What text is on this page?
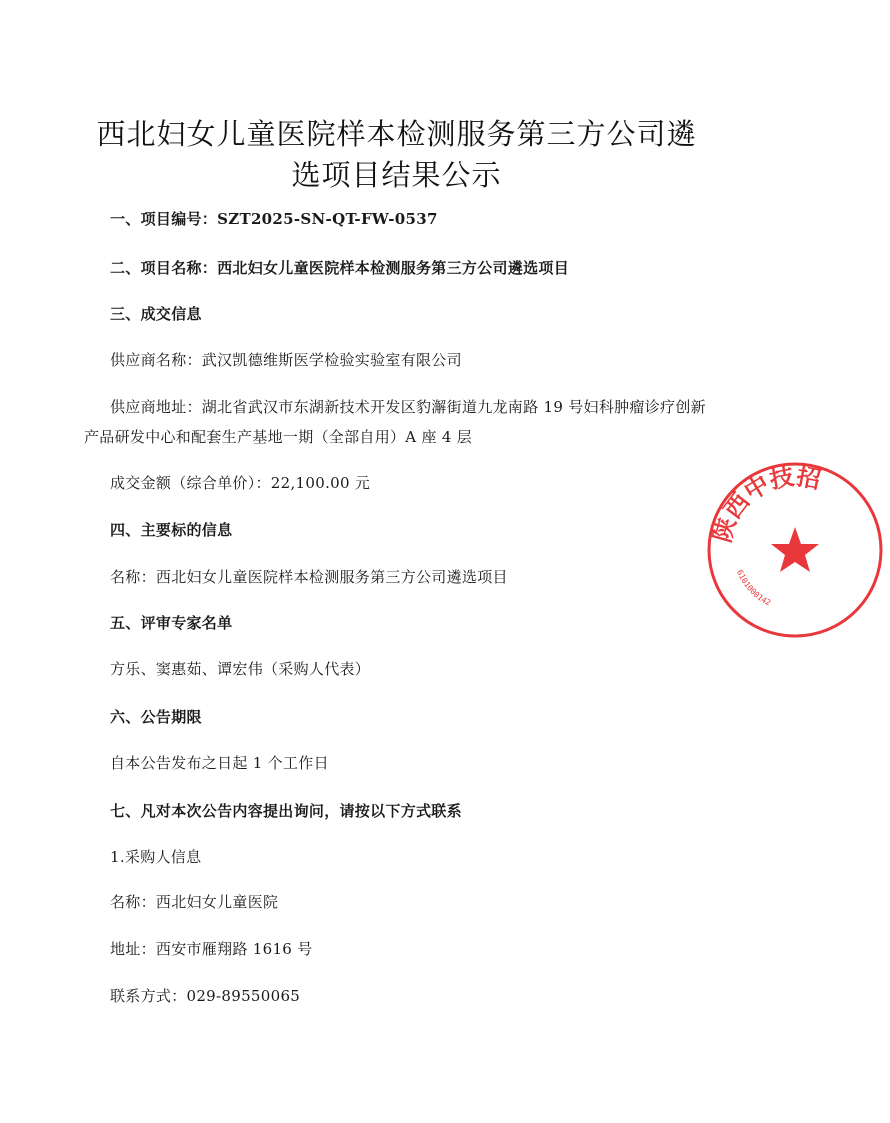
西北妇女儿童医院样本检测服务第三方公司遴
选项目结果公示
一、项目编号：SZT2025-SN-QT-FW-0537
二、项目名称：西北妇女儿童医院样本检测服务第三方公司遴选项目
三、成交信息
供应商名称：武汉凯德维斯医学检验实验室有限公司
供应商地址：湖北省武汉市东湖新技术开发区豹澥街道九龙南路 19 号妇科肿瘤诊疗创新
产品研发中心和配套生产基地一期（全部自用）A 座 4 层
成交金额（综合单价）：22,100.00 元
四、主要标的信息
名称：西北妇女儿童医院样本检测服务第三方公司遴选项目
五、评审专家名单
方乐、窦惠茹、谭宏伟（采购人代表）
六、公告期限
自本公告发布之日起 1 个工作日
七、凡对本次公告内容提出询问，请按以下方式联系
1.采购人信息
名称：西北妇女儿童医院
地址：西安市雁翔路 1616 号
联系方式：029-89550065
陕西中技招
6101000142
